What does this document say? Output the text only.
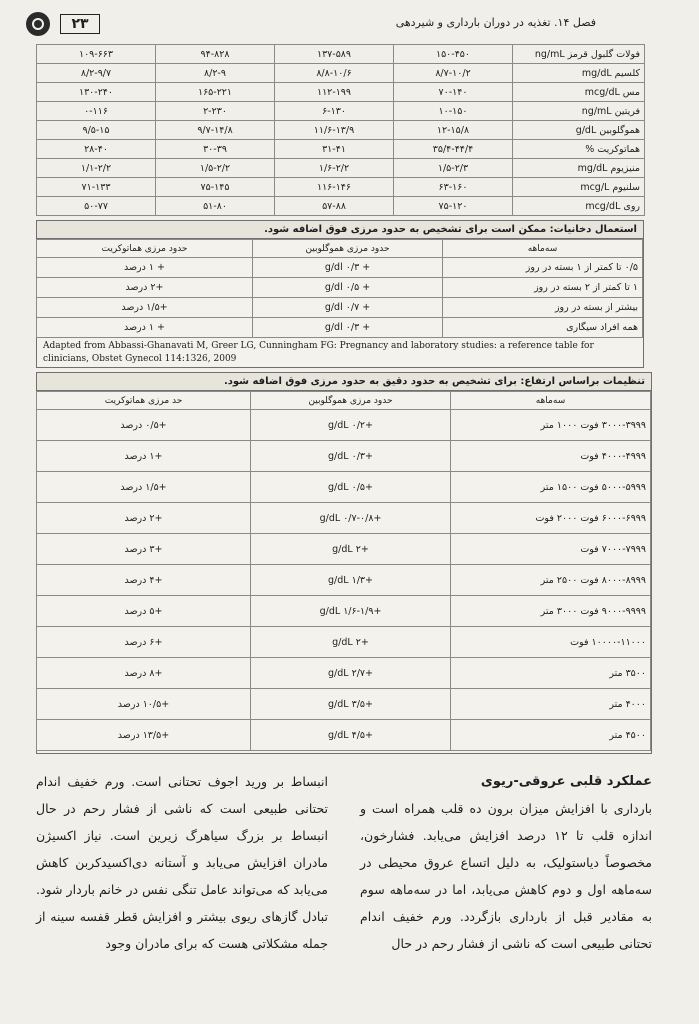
۲۳	فصل ۱۴. تغذیه در دوران بارداری و شیردهی
فولات گلبول قرمز ng/mL	۱۵۰-۴۵۰	۱۳۷-۵۸۹	۹۴-۸۲۸	۱۰۹-۶۶۳
کلسیم mg/dL	۸/۷-۱۰/۲	۸/۸-۱۰/۶	۸/۲-۹	۸/۲-۹/۷
مس mcg/dL	۷۰-۱۴۰	۱۱۲-۱۹۹	۱۶۵-۲۲۱	۱۳۰-۲۴۰
فریتین ng/mL	۱۰-۱۵۰	۶-۱۳۰	۲-۲۳۰	۰-۱۱۶
هموگلوبین g/dL	۱۲-۱۵/۸	۱۱/۶-۱۳/۹	۹/۷-۱۴/۸	۹/۵-۱۵
هماتوکریت %	۳۵/۴-۴۴/۴	۳۱-۴۱	۳۰-۳۹	۲۸-۴۰
منیزیوم mg/dL	۱/۵-۲/۳	۱/۶-۲/۲	۱/۵-۲/۲	۱/۱-۲/۲
سلنیوم mcg/L	۶۳-۱۶۰	۱۱۶-۱۴۶	۷۵-۱۴۵	۷۱-۱۳۳
روی mcg/dL	۷۵-۱۲۰	۵۷-۸۸	۵۱-۸۰	۵۰-۷۷
استعمال دخانیات: ممکن است برای تشخیص به حدود مرزی فوق اضافه شود.
سه‌ماهه	حدود مرزی هموگلوبین	حدود مرزی هماتوکریت
۰/۵ تا کمتر از ۱ بسته در روز	+ ۰/۳ g/dl	+ ۱ درصد
۱ تا کمتر از ۲ بسته در روز	+ ۰/۵ g/dl	+۲ درصد
بیشتر از بسته در روز	+ ۰/۷ g/dl	+۱/۵ درصد
همه افراد سیگاری	+ ۰/۳ g/dl	+ ۱ درصد
Adapted from Abbassi-Ghanavati M, Greer LG, Cunningham FG: Pregnancy and laboratory studies: a reference table for clinicians, Obstet Gynecol 114:1326, 2009
تنظیمات براساس ارتفاع: برای تشخیص به حدود دقیق به حدود مرزی فوق اضافه شود.
سه‌ماهه	حدود مرزی هموگلوبین	حد مرزی هماتوکریت
۳۰۰۰-۳۹۹۹ فوت ۱۰۰۰ متر	+۰/۲ g/dL	+۰/۵ درصد
۴۰۰۰-۴۹۹۹ فوت	+۰/۳ g/dL	+۱ درصد
۵۰۰۰-۵۹۹۹ فوت ۱۵۰۰ متر	+۰/۵ g/dL	+۱/۵ درصد
۶۰۰۰-۶۹۹۹ فوت ۲۰۰۰ فوت	+۰/۷-۰/۸ g/dL	+۲ درصد
۷۰۰۰-۷۹۹۹ فوت	+۲ g/dL	+۳ درصد
۸۰۰۰-۸۹۹۹ فوت ۲۵۰۰ متر	+۱/۳ g/dL	+۴ درصد
۹۰۰۰-۹۹۹۹ فوت ۳۰۰۰ متر	+۱/۶-۱/۹ g/dL	+۵ درصد
۱۰۰۰۰-۱۱۰۰۰ فوت	+۲ g/dL	+۶ درصد
۳۵۰۰ متر	+۲/۷ g/dL	+۸ درصد
۴۰۰۰ متر	+۳/۵ g/dL	+۱۰/۵ درصد
۴۵۰۰ متر	+۴/۵ g/dL	+۱۳/۵ درصد
عملکرد قلبی عروقی-ریوی
بارداری با افزایش میزان برون ده قلب همراه است و اندازه قلب تا ۱۲ درصد افزایش می‌یابد. فشارخون، مخصوصاً دیاستولیک، به دلیل اتساع عروق محیطی در سه‌ماهه اول و دوم کاهش می‌یابد، اما در سه‌ماهه سوم به مقادیر قبل از بارداری بازگردد. ورم خفیف اندام تحتانی طبیعی است که ناشی از فشار رحم در حال
انبساط بر ورید اجوف تحتانی است. ورم خفیف اندام تحتانی طبیعی است که ناشی از فشار رحم در حال انبساط بر بزرگ سیاهرگ زیرین است. نیاز اکسیژن مادران افزایش می‌یابد و آستانه دی‌اکسیدکربن کاهش می‌یابد که می‌تواند عامل تنگی نفس در خانم باردار شود. تبادل گازهای ریوی بیشتر و افزایش قطر قفسه سینه از جمله مشکلاتی هست که برای مادران وجود
